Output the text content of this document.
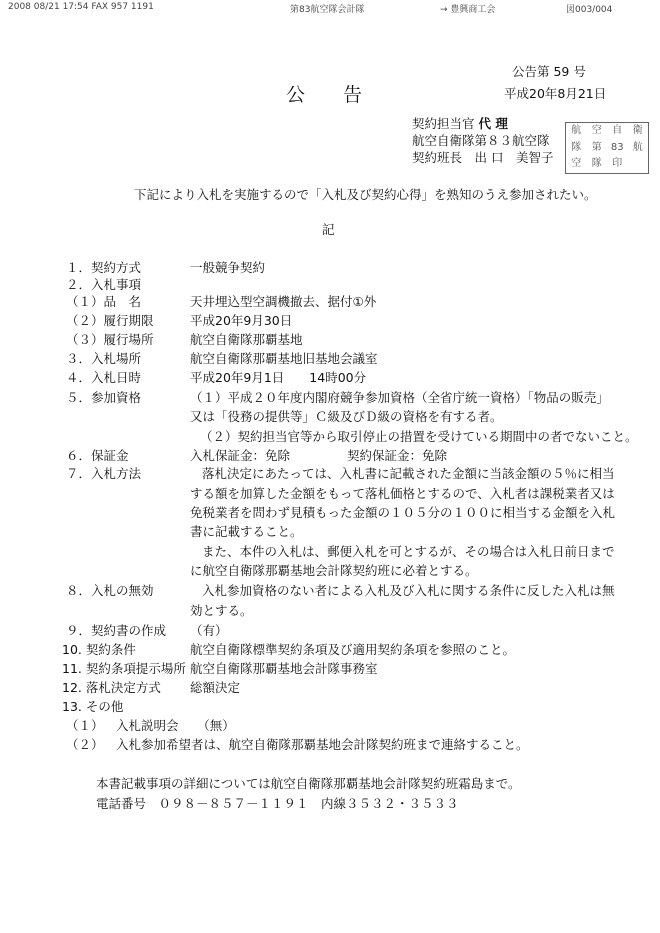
2008 08/21 17:54 FAX 957 1191	第83航空隊会計隊	→ 豊興商工会	図003/004
公告第 59 号
平成20年8月21日
公　　告
契約担当官 代 理
航空自衛隊第８３航空隊
契約班長　出 口　美智子
航	空	自	衛
隊	第 83 航
空	隊	印
下記により入札を実施するので「入札及び契約心得」を熟知のうえ参加されたい。
記
１．契約方式	一般競争契約
２．入札事項
（１）品　名	天井埋込型空調機撤去、据付①外
（２）履行期限	平成20年9月30日
（３）履行場所	航空自衛隊那覇基地
３．入札場所	航空自衛隊那覇基地旧基地会議室
４．入札日時	平成20年9月1日　　14時00分
５．参加資格	（１）平成２０年度内閣府競争参加資格（全省庁統一資格）「物品の販売」
又は「役務の提供等」Ｃ級及びＤ級の資格を有する者。
（２）契約担当官等から取引停止の措置を受けている期間中の者でないこと。
６．保証金	入札保証金：免除	契約保証金：免除
７．入札方法	落札決定にあたっては、入札書に記載された金額に当該金額の５％に相当
する額を加算した金額をもって落札価格とするので、入札者は課税業者又は
免税業者を問わず見積もった金額の１０５分の１００に相当する金額を入札
書に記載すること。
また、本件の入札は、郵便入札を可とするが、その場合は入札日前日まで
に航空自衛隊那覇基地会計隊契約班に必着とする。
８．入札の無効	入札参加資格のない者による入札及び入札に関する条件に反した入札は無
効とする。
９．契約書の作成 （有）
10. 契約条件	航空自衛隊標準契約条項及び適用契約条項を参照のこと。
11. 契約条項提示場所 航空自衛隊那覇基地会計隊事務室
12. 落札決定方式 総額決定
13. その他
（１） 入札説明会　　（無）
（２） 入札参加希望者は、航空自衛隊那覇基地会計隊契約班まで連絡すること。
本書記載事項の詳細については航空自衛隊那覇基地会計隊契約班霜島まで。
電話番号　０９８－８５７－１１９１　内線３５３２・３５３３
